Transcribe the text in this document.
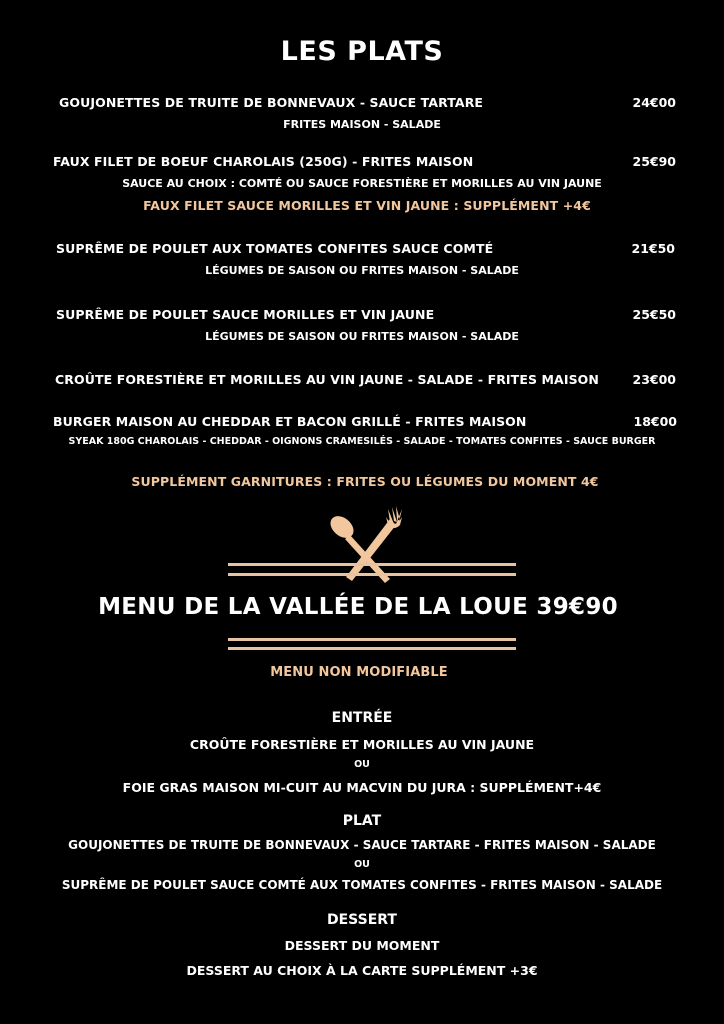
LES PLATS
GOUJONETTES DE TRUITE DE BONNEVAUX - SAUCE TARTARE	24€00
FRITES MAISON - SALADE
FAUX FILET DE BOEUF CHAROLAIS (250G) - FRITES MAISON	25€90
SAUCE AU CHOIX : COMTÉ OU SAUCE FORESTIÈRE ET MORILLES AU VIN JAUNE
FAUX FILET SAUCE MORILLES ET VIN JAUNE : SUPPLÉMENT +4€
SUPRÊME DE POULET AUX TOMATES CONFITES SAUCE COMTÉ	21€50
LÉGUMES DE SAISON OU FRITES MAISON - SALADE
SUPRÊME DE POULET SAUCE MORILLES ET VIN JAUNE	25€50
LÉGUMES DE SAISON OU FRITES MAISON - SALADE
CROÛTE FORESTIÈRE ET MORILLES AU VIN JAUNE - SALADE - FRITES MAISON	23€00
BURGER MAISON AU CHEDDAR ET BACON GRILLÉ - FRITES MAISON	18€00
SYEAK 180G CHAROLAIS - CHEDDAR - OIGNONS CRAMESILÉS - SALADE - TOMATES CONFITES - SAUCE BURGER
SUPPLÉMENT GARNITURES : FRITES OU LÉGUMES DU MOMENT 4€
MENU DE LA VALLÉE DE LA LOUE 39€90
MENU NON MODIFIABLE
ENTRÉE
CROÛTE FORESTIÈRE ET MORILLES AU VIN JAUNE
OU
FOIE GRAS MAISON MI-CUIT AU MACVIN DU JURA : SUPPLÉMENT+4€
PLAT
GOUJONETTES DE TRUITE DE BONNEVAUX - SAUCE TARTARE - FRITES MAISON - SALADE
OU
SUPRÊME DE POULET SAUCE COMTÉ AUX TOMATES CONFITES - FRITES MAISON - SALADE
DESSERT
DESSERT DU MOMENT
DESSERT AU CHOIX À LA CARTE SUPPLÉMENT +3€
